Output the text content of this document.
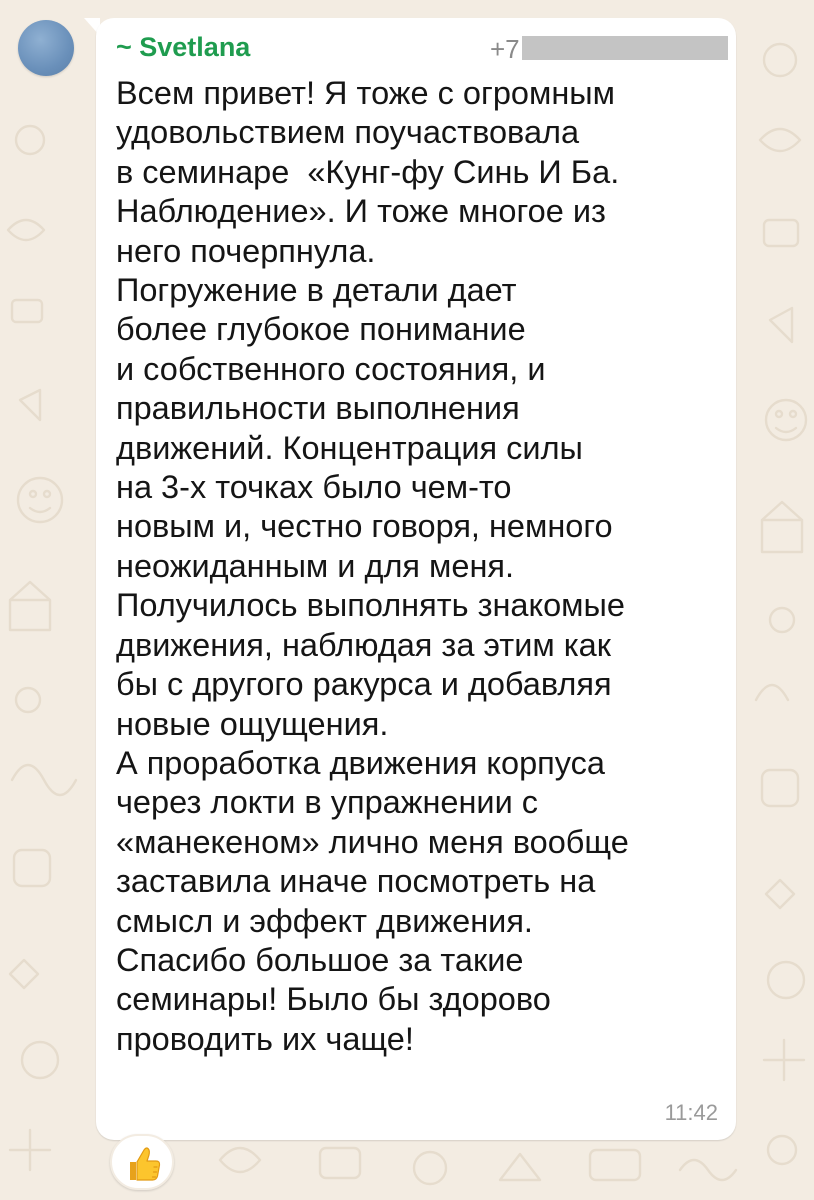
~ Svetlana	+7

Всем привет! Я тоже с огромным
удовольствием поучаствовала
в семинаре  «Кунг-фу Синь И Ба.
Наблюдение». И тоже многое из
него почерпнула.
Погружение в детали дает
более глубокое понимание
и собственного состояния, и
правильности выполнения
движений. Концентрация силы
на 3-х точках было чем-то
новым и, честно говоря, немного
неожиданным и для меня.
Получилось выполнять знакомые
движения, наблюдая за этим как
бы с другого ракурса и добавляя
новые ощущения.
А проработка движения корпуса
через локти в упражнении с
«манекеном» лично меня вообще
заставила иначе посмотреть на
смысл и эффект движения.
Спасибо большое за такие
семинары! Было бы здорово
проводить их чаще!

11:42
